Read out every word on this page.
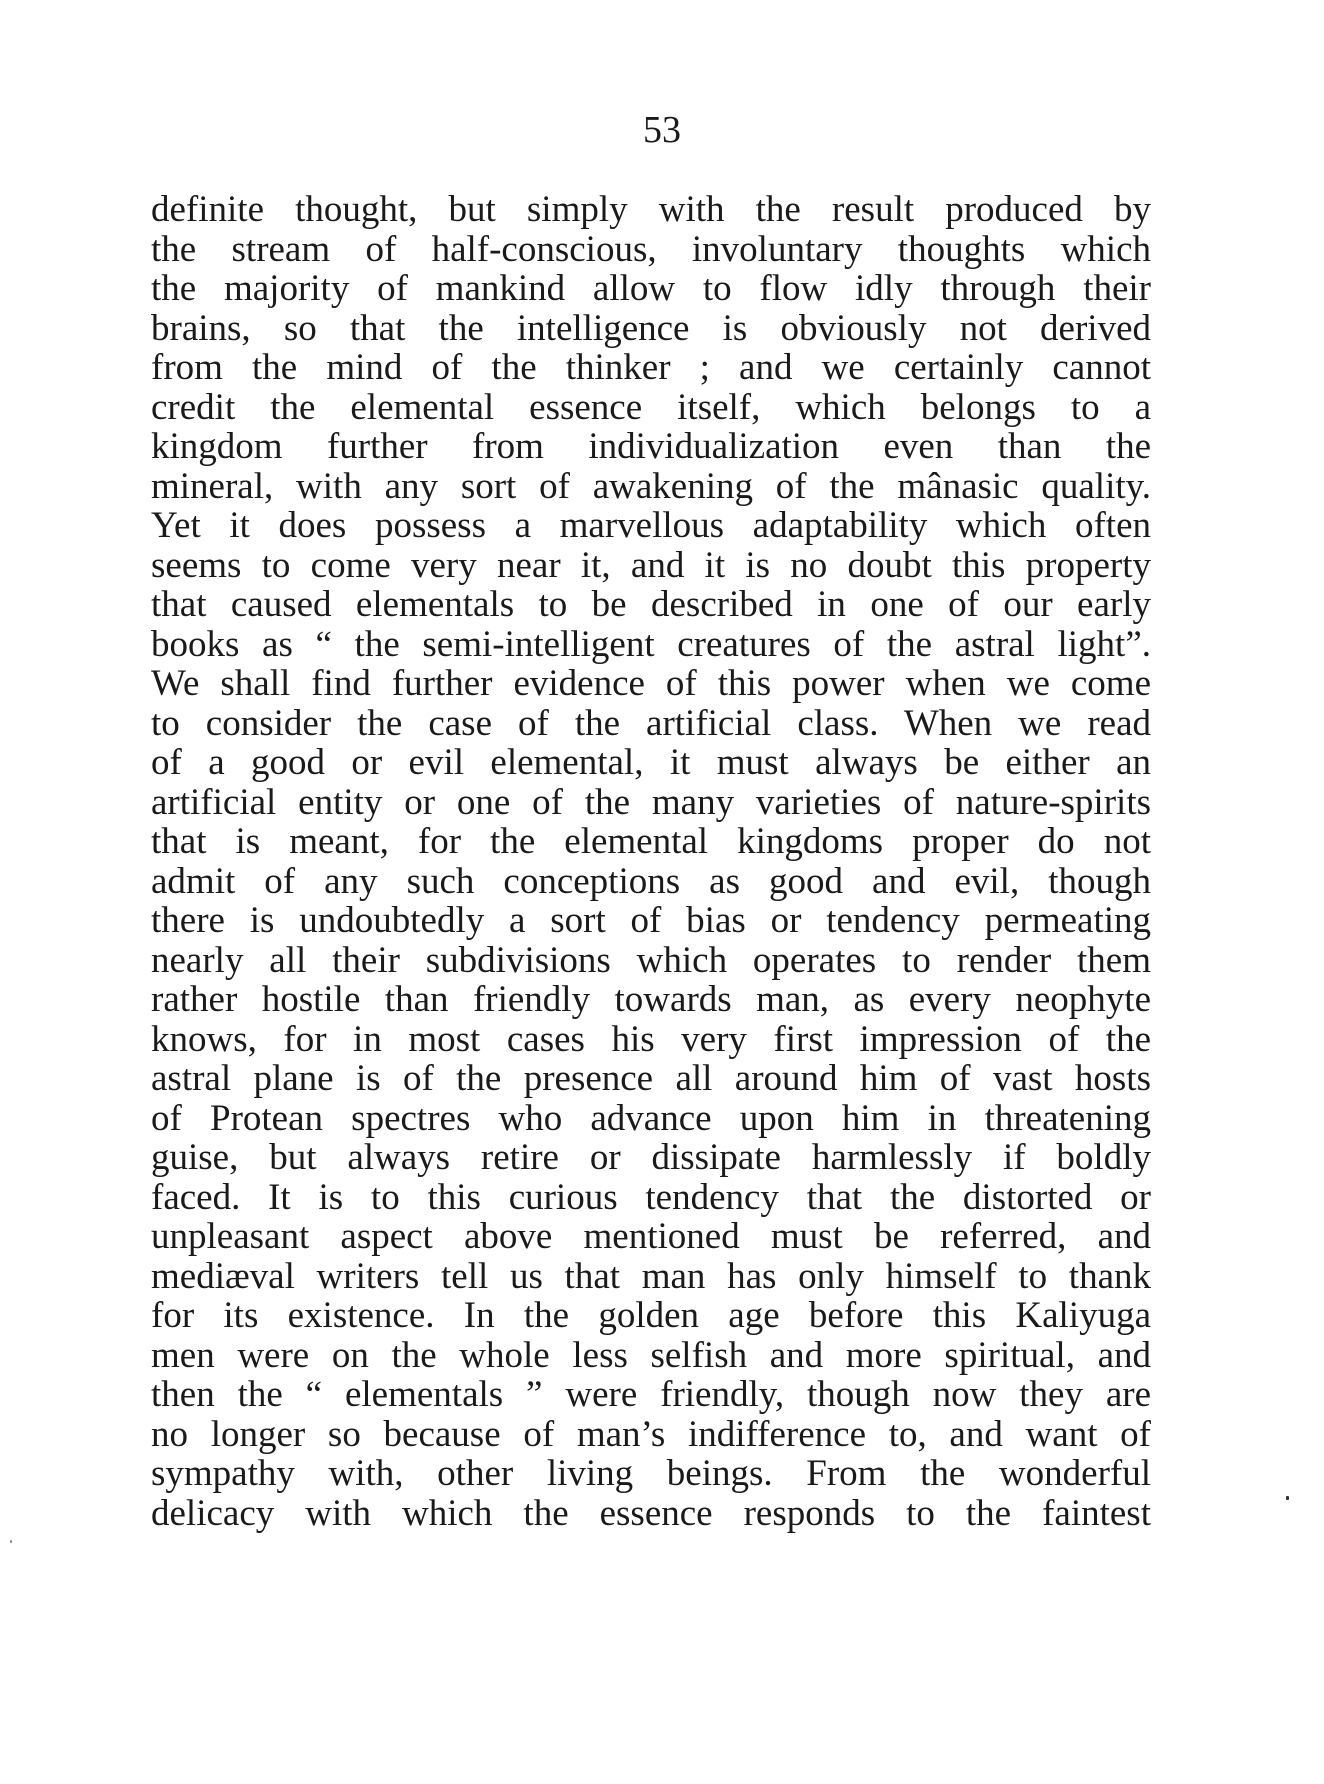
53
definite thought, but simply with the result produced by
the stream of half-conscious, involuntary thoughts which
the majority of mankind allow to flow idly through their
brains, so that the intelligence is obviously not derived
from the mind of the thinker ; and we certainly cannot
credit the elemental essence itself, which belongs to a
kingdom further from individualization even than the
mineral, with any sort of awakening of the mânasic quality.
Yet it does possess a marvellous adaptability which often
seems to come very near it, and it is no doubt this property
that caused elementals to be described in one of our early
books as “ the semi-intelligent creatures of the astral light”.
We shall find further evidence of this power when we come
to consider the case of the artificial class. When we read
of a good or evil elemental, it must always be either an
artificial entity or one of the many varieties of nature-spirits
that is meant, for the elemental kingdoms proper do not
admit of any such conceptions as good and evil, though
there is undoubtedly a sort of bias or tendency permeating
nearly all their subdivisions which operates to render them
rather hostile than friendly towards man, as every neophyte
knows, for in most cases his very first impression of the
astral plane is of the presence all around him of vast hosts
of Protean spectres who advance upon him in threatening
guise, but always retire or dissipate harmlessly if boldly
faced. It is to this curious tendency that the distorted or
unpleasant aspect above mentioned must be referred, and
mediæval writers tell us that man has only himself to thank
for its existence. In the golden age before this Kaliyuga
men were on the whole less selfish and more spiritual, and
then the “ elementals ” were friendly, though now they are
no longer so because of man’s indifference to, and want of
sympathy with, other living beings. From the wonderful
delicacy with which the essence responds to the faintest
